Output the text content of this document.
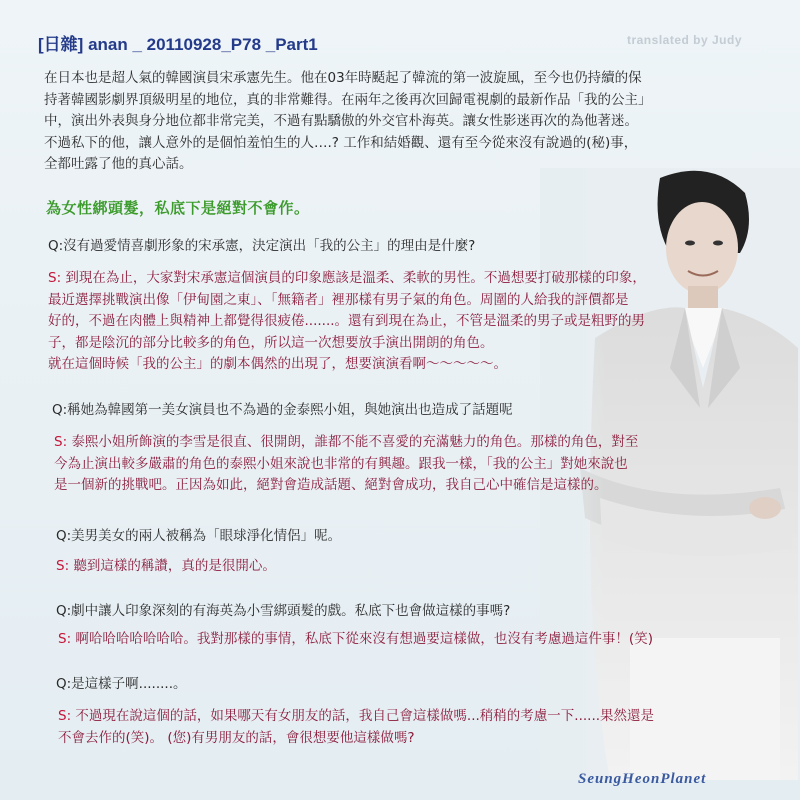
[日雜] anan _ 20110928_P78 _Part1	translated by Judy
在日本也是超人氣的韓國演員宋承憲先生。他在03年時颳起了韓流的第一波旋風，至今也仍持續的保
持著韓國影劇界頂級明星的地位，真的非常難得。在兩年之後再次回歸電視劇的最新作品「我的公主」
中，演出外表與身分地位都非常完美，不過有點驕傲的外交官朴海英。讓女性影迷再次的為他著迷。
不過私下的他，讓人意外的是個怕羞怕生的人….? 工作和結婚觀、還有至今從來沒有說過的(秘)事，
全都吐露了他的真心話。
為女性綁頭髮，私底下是絕對不會作。
Q:沒有過愛情喜劇形象的宋承憲，決定演出「我的公主」的理由是什麼?
S: 到現在為止，大家對宋承憲這個演員的印象應該是溫柔、柔軟的男性。不過想要打破那樣的印象，
最近選擇挑戰演出像「伊甸園之東」、「無籍者」裡那樣有男子氣的角色。周圍的人給我的評價都是
好的，不過在肉體上與精神上都覺得很疲倦.......。還有到現在為止，不管是溫柔的男子或是粗野的男
子，都是陰沉的部分比較多的角色，所以這一次想要放手演出開朗的角色。
就在這個時候「我的公主」的劇本偶然的出現了，想要演演看啊～～～～～。
Q:稱她為韓國第一美女演員也不為過的金泰熙小姐，與她演出也造成了話題呢
S: 泰熙小姐所飾演的李雪是很直、很開朗，誰都不能不喜愛的充滿魅力的角色。那樣的角色，對至
今為止演出較多嚴肅的角色的泰熙小姐來說也非常的有興趣。跟我一樣，「我的公主」對她來說也
是一個新的挑戰吧。正因為如此，絕對會造成話題、絕對會成功，我自己心中確信是這樣的。
Q:美男美女的兩人被稱為「眼球淨化情侶」呢。
S: 聽到這樣的稱讚，真的是很開心。
Q:劇中讓人印象深刻的有海英為小雪綁頭髮的戲。私底下也會做這樣的事嗎?
S: 啊哈哈哈哈哈哈哈。我對那樣的事情，私底下從來沒有想過要這樣做，也沒有考慮過這件事！(笑)
Q:是這樣子啊........。
S: 不過現在說這個的話，如果哪天有女朋友的話，我自己會這樣做嗎...稍稍的考慮一下......果然還是
不會去作的(笑)。 (您)有男朋友的話，會很想要他這樣做嗎?
SeungHeonPlanet
